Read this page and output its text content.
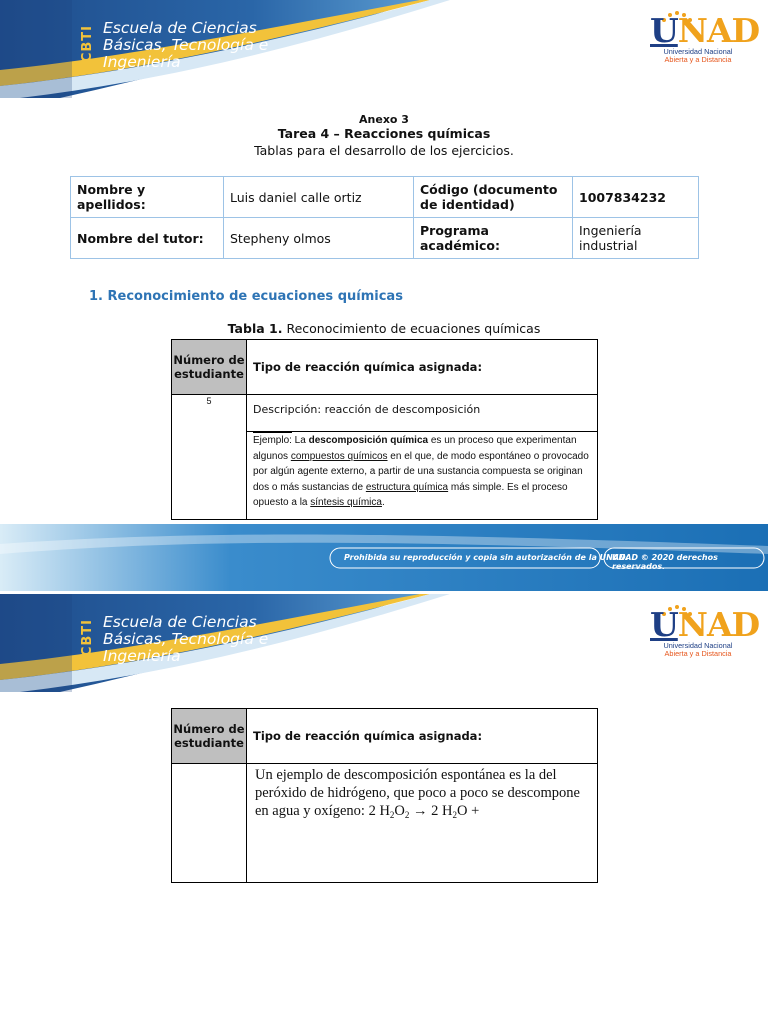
ECBTI Escuela de Ciencias
Básicas, Tecnología e
Ingeniería
UNAD
Universidad Nacional
Abierta y a Distancia
Anexo 3
Tarea 4 – Reacciones químicas
Tablas para el desarrollo de los ejercicios.
Nombre y apellidos:	Luis daniel calle ortiz	Código (documento de identidad)	1007834232
Nombre del tutor:	Stepheny olmos	Programa académico:	Ingeniería industrial
1. Reconocimiento de ecuaciones químicas
Tabla 1. Reconocimiento de ecuaciones químicas
Número de estudiante	Tipo de reacción química asignada:
5	Descripción: reacción de descomposición
	Ejemplo: La descomposición química es un proceso que experimentan algunos compuestos químicos en el que, de modo espontáneo o provocado por algún agente externo, a partir de una sustancia compuesta se originan dos o más sustancias de estructura química más simple. Es el proceso opuesto a la síntesis química.
Prohibida su reproducción y copia sin autorización de la UNAD.
UNAD © 2020 derechos reservados.
ECBTI Escuela de Ciencias
Básicas, Tecnología e
Ingeniería
UNAD
Universidad Nacional
Abierta y a Distancia
Número de estudiante	Tipo de reacción química asignada:
	Un ejemplo de descomposición espontánea es la del peróxido de hidrógeno, que poco a poco se descompone en agua y oxígeno: 2 $H_2O_2 \to 2$ $H_2O$ +
